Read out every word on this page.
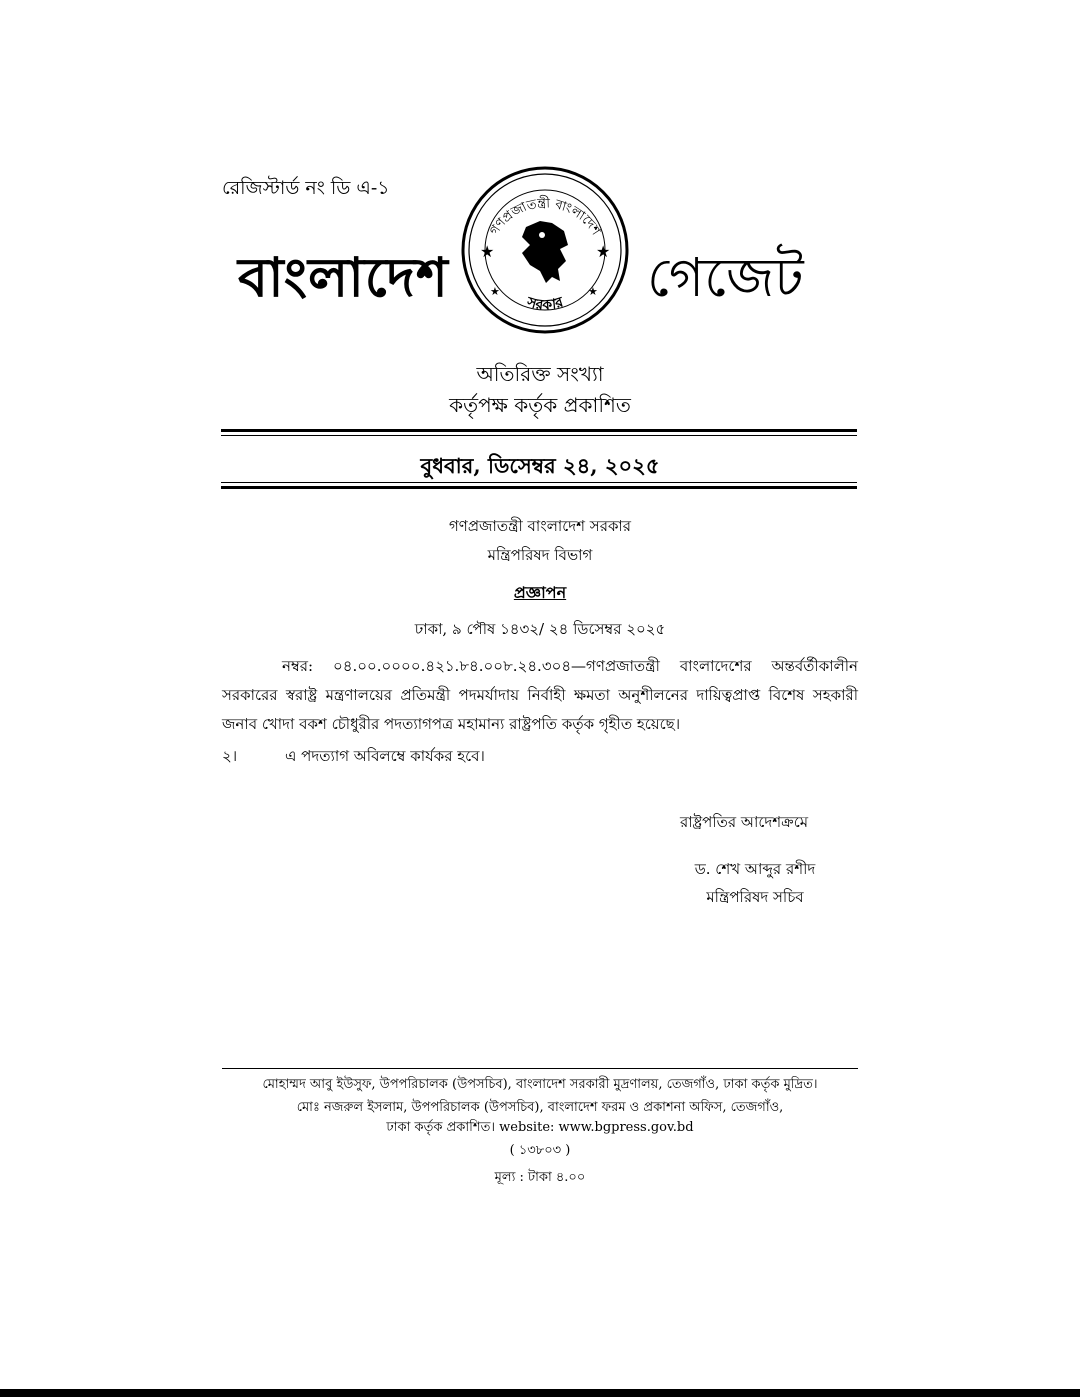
রেজিস্টার্ড নং ডি এ-১
বাংলাদেশ
গণপ্রজাতন্ত্রী বাংলাদেশ
সরকার
★	★
★	★ গেজেট
অতিরিক্ত সংখ্যা
কর্তৃপক্ষ কর্তৃক প্রকাশিত
বুধবার, ডিসেম্বর ২৪, ২০২৫
গণপ্রজাতন্ত্রী বাংলাদেশ সরকার
মন্ত্রিপরিষদ বিভাগ
প্রজ্ঞাপন
ঢাকা, ৯ পৌষ ১৪৩২/ ২৪ ডিসেম্বর ২০২৫
নম্বর: ০৪.০০.০০০০.৪২১.৮৪.০০৮.২৪.৩০৪—গণপ্রজাতন্ত্রী বাংলাদেশের অন্তর্বর্তীকালীন সরকারের স্বরাষ্ট্র মন্ত্রণালয়ের প্রতিমন্ত্রী পদমর্যাদায় নির্বাহী ক্ষমতা অনুশীলনের দায়িত্বপ্রাপ্ত বিশেষ সহকারী জনাব খোদা বকশ চৌধুরীর পদত্যাগপত্র মহামান্য রাষ্ট্রপতি কর্তৃক গৃহীত হয়েছে।
২।	এ পদত্যাগ অবিলম্বে কার্যকর হবে।
রাষ্ট্রপতির আদেশক্রমে
ড. শেখ আব্দুর রশীদ
মন্ত্রিপরিষদ সচিব
মোহাম্মদ আবু ইউসুফ, উপপরিচালক (উপসচিব), বাংলাদেশ সরকারী মুদ্রণালয়, তেজগাঁও, ঢাকা কর্তৃক মুদ্রিত।
মোঃ নজরুল ইসলাম, উপপরিচালক (উপসচিব), বাংলাদেশ ফরম ও প্রকাশনা অফিস, তেজগাঁও,
ঢাকা কর্তৃক প্রকাশিত। website: www.bgpress.gov.bd
( ১৩৮০৩ )
মূল্য : টাকা ৪.০০
